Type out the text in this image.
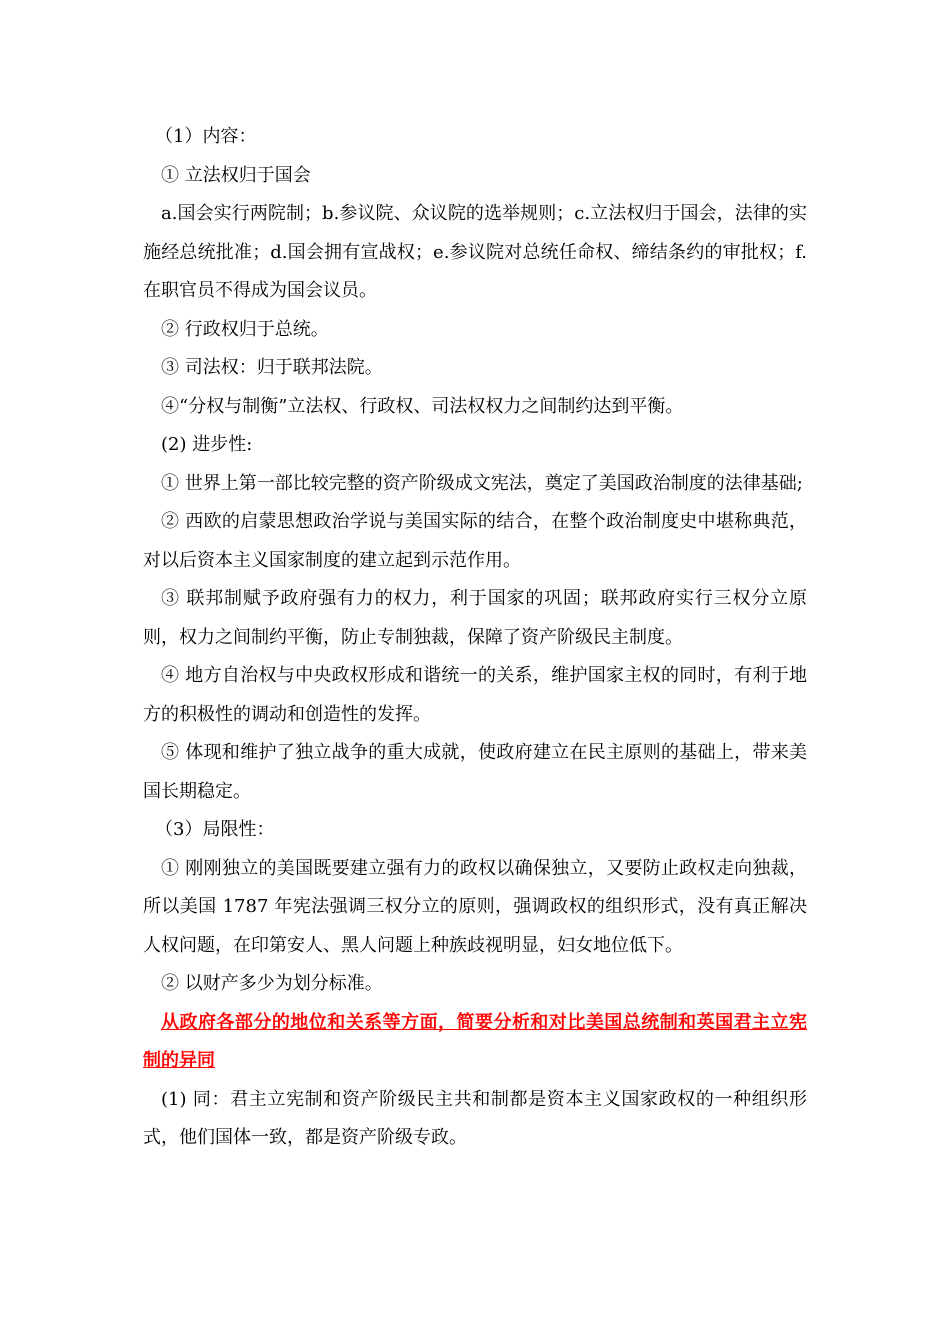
（1）内容：

① 立法权归于国会

a.国会实行两院制；b.参议院、众议院的选举规则；c.立法权归于国会，法律的实施经总统批准；d.国会拥有宣战权；e.参议院对总统任命权、缔结条约的审批权；f.在职官员不得成为国会议员。

② 行政权归于总统。

③ 司法权：归于联邦法院。

④“分权与制衡”立法权、行政权、司法权权力之间制约达到平衡。

(2) 进步性:

① 世界上第一部比较完整的资产阶级成文宪法，奠定了美国政治制度的法律基础;

② 西欧的启蒙思想政治学说与美国实际的结合，在整个政治制度史中堪称典范，对以后资本主义国家制度的建立起到示范作用。

③ 联邦制赋予政府强有力的权力，利于国家的巩固；联邦政府实行三权分立原则，权力之间制约平衡，防止专制独裁，保障了资产阶级民主制度。

④ 地方自治权与中央政权形成和谐统一的关系，维护国家主权的同时，有利于地方的积极性的调动和创造性的发挥。

⑤ 体现和维护了独立战争的重大成就，使政府建立在民主原则的基础上，带来美国长期稳定。

（3）局限性：

① 刚刚独立的美国既要建立强有力的政权以确保独立，又要防止政权走向独裁，所以美国 1787 年宪法强调三权分立的原则，强调政权的组织形式，没有真正解决人权问题，在印第安人、黑人问题上种族歧视明显，妇女地位低下。

② 以财产多少为划分标准。

从政府各部分的地位和关系等方面，简要分析和对比美国总统制和英国君主立宪制的异同

(1) 同：君主立宪制和资产阶级民主共和制都是资本主义国家政权的一种组织形式，他们国体一致，都是资产阶级专政。
